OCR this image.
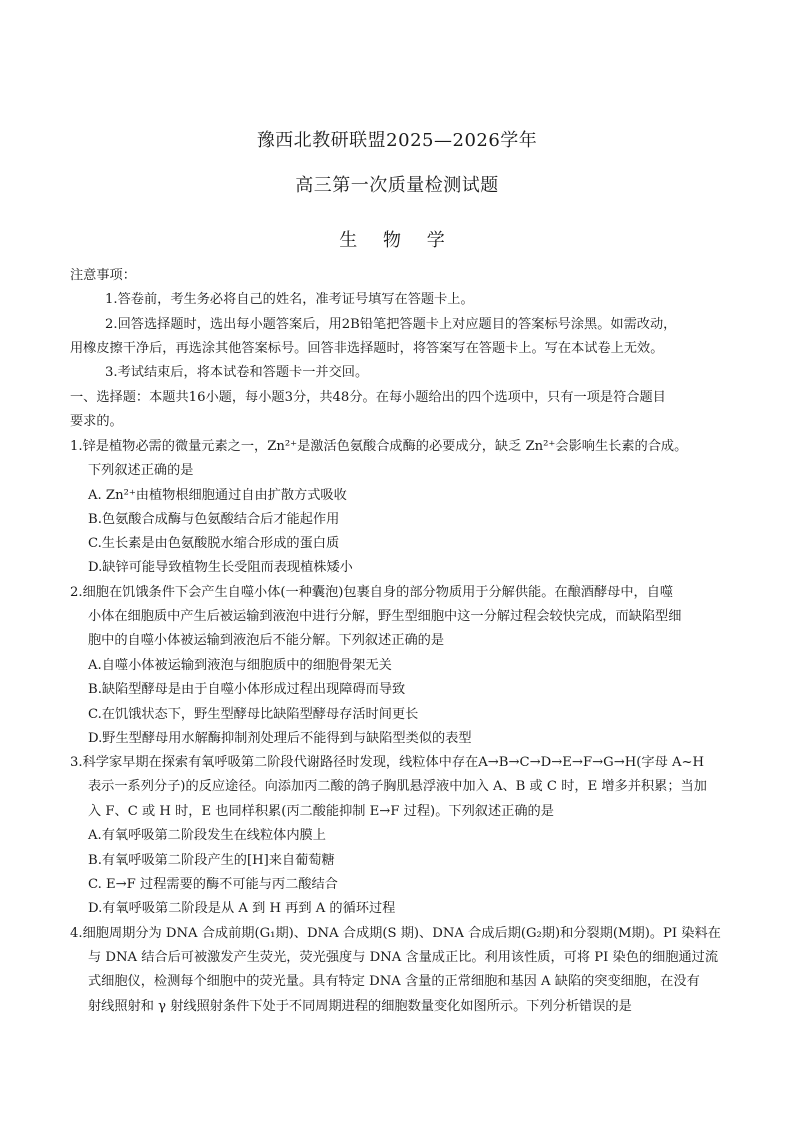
豫西北教研联盟2025—2026学年
高三第一次质量检测试题
生 物 学
注意事项：
1.答卷前，考生务必将自己的姓名，准考证号填写在答题卡上。
2.回答选择题时，选出每小题答案后，用2B铅笔把答题卡上对应题目的答案标号涂黑。如需改动，
用橡皮擦干净后，再选涂其他答案标号。回答非选择题时，将答案写在答题卡上。写在本试卷上无效。
3.考试结束后，将本试卷和答题卡一并交回。
一、选择题：本题共16小题，每小题3分，共48分。在每小题给出的四个选项中，只有一项是符合题目
要求的。
1.锌是植物必需的微量元素之一，Zn²⁺是激活色氨酸合成酶的必要成分，缺乏 Zn²⁺会影响生长素的合成。
下列叙述正确的是
A. Zn²⁺由植物根细胞通过自由扩散方式吸收
B.色氨酸合成酶与色氨酸结合后才能起作用
C.生长素是由色氨酸脱水缩合形成的蛋白质
D.缺锌可能导致植物生长受阻而表现植株矮小
2.细胞在饥饿条件下会产生自噬小体(一种囊泡)包裹自身的部分物质用于分解供能。在酿酒酵母中，自噬
小体在细胞质中产生后被运输到液泡中进行分解，野生型细胞中这一分解过程会较快完成，而缺陷型细
胞中的自噬小体被运输到液泡后不能分解。下列叙述正确的是
A.自噬小体被运输到液泡与细胞质中的细胞骨架无关
B.缺陷型酵母是由于自噬小体形成过程出现障碍而导致
C.在饥饿状态下，野生型酵母比缺陷型酵母存活时间更长
D.野生型酵母用水解酶抑制剂处理后不能得到与缺陷型类似的表型
3.科学家早期在探索有氧呼吸第二阶段代谢路径时发现，线粒体中存在A→B→C→D→E→F→G→H(字母 A~H
表示一系列分子)的反应途径。向添加丙二酸的鸽子胸肌悬浮液中加入 A、B 或 C 时，E 增多并积累；当加
入 F、C 或 H 时，E 也同样积累(丙二酸能抑制 E→F 过程)。下列叙述正确的是
A.有氧呼吸第二阶段发生在线粒体内膜上
B.有氧呼吸第二阶段产生的[H]来自葡萄糖
C. E→F 过程需要的酶不可能与丙二酸结合
D.有氧呼吸第二阶段是从 A 到 H 再到 A 的循环过程
4.细胞周期分为 DNA 合成前期(G₁期)、DNA 合成期(S 期)、DNA 合成后期(G₂期)和分裂期(M期)。PI 染料在
与 DNA 结合后可被激发产生荧光，荧光强度与 DNA 含量成正比。利用该性质，可将 PI 染色的细胞通过流
式细胞仪，检测每个细胞中的荧光量。具有特定 DNA 含量的正常细胞和基因 A 缺陷的突变细胞，在没有
射线照射和 γ 射线照射条件下处于不同周期进程的细胞数量变化如图所示。下列分析错误的是
